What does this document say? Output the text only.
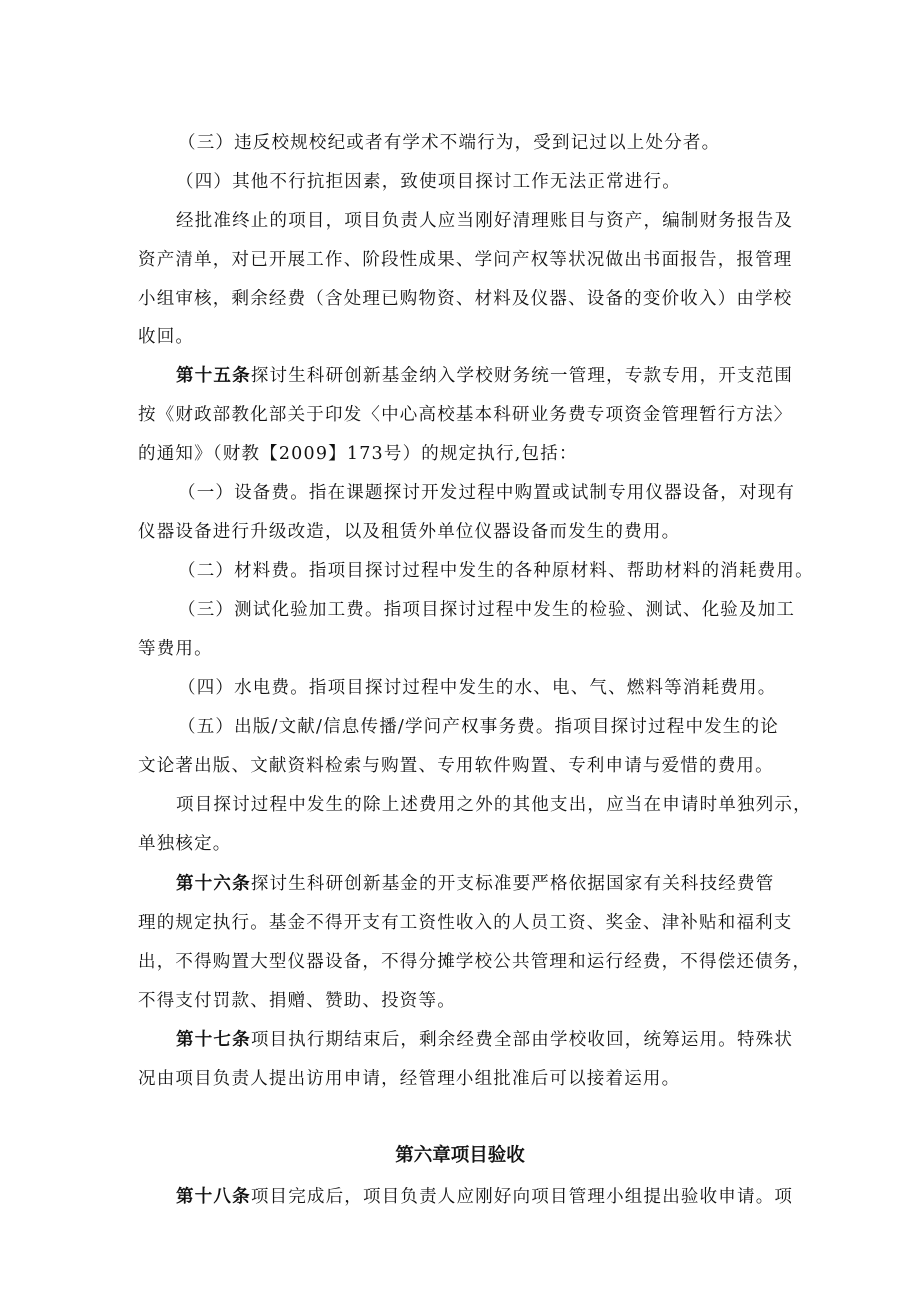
（三）违反校规校纪或者有学术不端行为，受到记过以上处分者。
（四）其他不行抗拒因素，致使项目探讨工作无法正常进行。
经批准终止的项目，项目负责人应当刚好清理账目与资产，编制财务报告及
资产清单，对已开展工作、阶段性成果、学问产权等状况做出书面报告，报管理
小组审核，剩余经费（含处理已购物资、材料及仪器、设备的变价收入）由学校
收回。
第十五条探讨生科研创新基金纳入学校财务统一管理，专款专用，开支范围
按《财政部教化部关于印发〈中心高校基本科研业务费专项资金管理暂行方法〉
的通知》（财教【2009】173号）的规定执行,包括：
（一）设备费。指在课题探讨开发过程中购置或试制专用仪器设备，对现有
仪器设备进行升级改造，以及租赁外单位仪器设备而发生的费用。
（二）材料费。指项目探讨过程中发生的各种原材料、帮助材料的消耗费用。
（三）测试化验加工费。指项目探讨过程中发生的检验、测试、化验及加工
等费用。
（四）水电费。指项目探讨过程中发生的水、电、气、燃料等消耗费用。
（五）出版/文献/信息传播/学问产权事务费。指项目探讨过程中发生的论
文论著出版、文献资料检索与购置、专用软件购置、专利申请与爱惜的费用。
项目探讨过程中发生的除上述费用之外的其他支出，应当在申请时单独列示，
单独核定。
第十六条探讨生科研创新基金的开支标准要严格依据国家有关科技经费管
理的规定执行。基金不得开支有工资性收入的人员工资、奖金、津补贴和福利支
出，不得购置大型仪器设备，不得分摊学校公共管理和运行经费，不得偿还债务，
不得支付罚款、捐赠、赞助、投资等。
第十七条项目执行期结束后，剩余经费全部由学校收回，统筹运用。特殊状
况由项目负责人提出访用申请，经管理小组批准后可以接着运用。
第六章项目验收
第十八条项目完成后，项目负责人应刚好向项目管理小组提出验收申请。项
